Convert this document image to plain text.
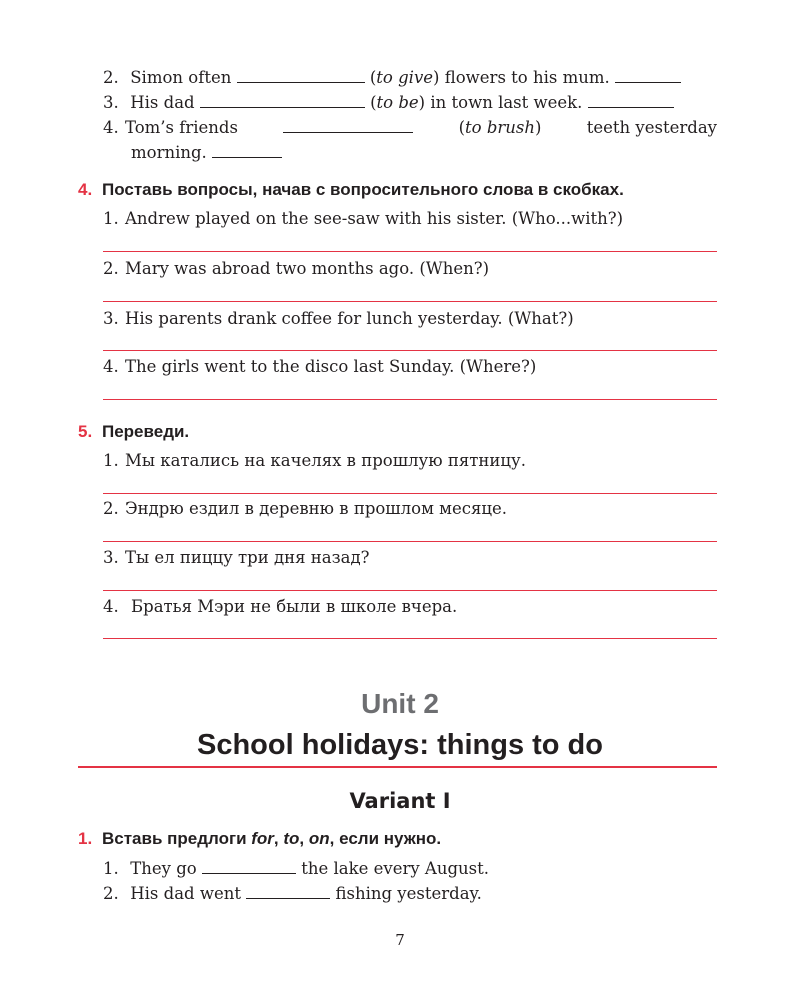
2. Simon often	(to give) flowers to his mum.
3. His dad	(to be) in town last week.
4. Tom’s friends	(to brush)	teeth yesterday
morning.
4. Поставь вопросы, начав с вопросительного слова в скобках.
1. Andrew played on the see-saw with his sister. (Who...with?)
2. Mary was abroad two months ago. (When?)
3. His parents drank coffee for lunch yesterday. (What?)
4. The girls went to the disco last Sunday. (Where?)
5. Переведи.
1. Мы катались на качелях в прошлую пятницу.
2. Эндрю ездил в деревню в прошлом месяце.
3. Ты ел пиццу три дня назад?
4. Братья Мэри не были в школе вчера.
Unit 2
School holidays: things to do
Variant I
1. Вставь предлоги for, to, on, если нужно.
1. They go	the lake every August.
2. His dad went	fishing yesterday.
7
